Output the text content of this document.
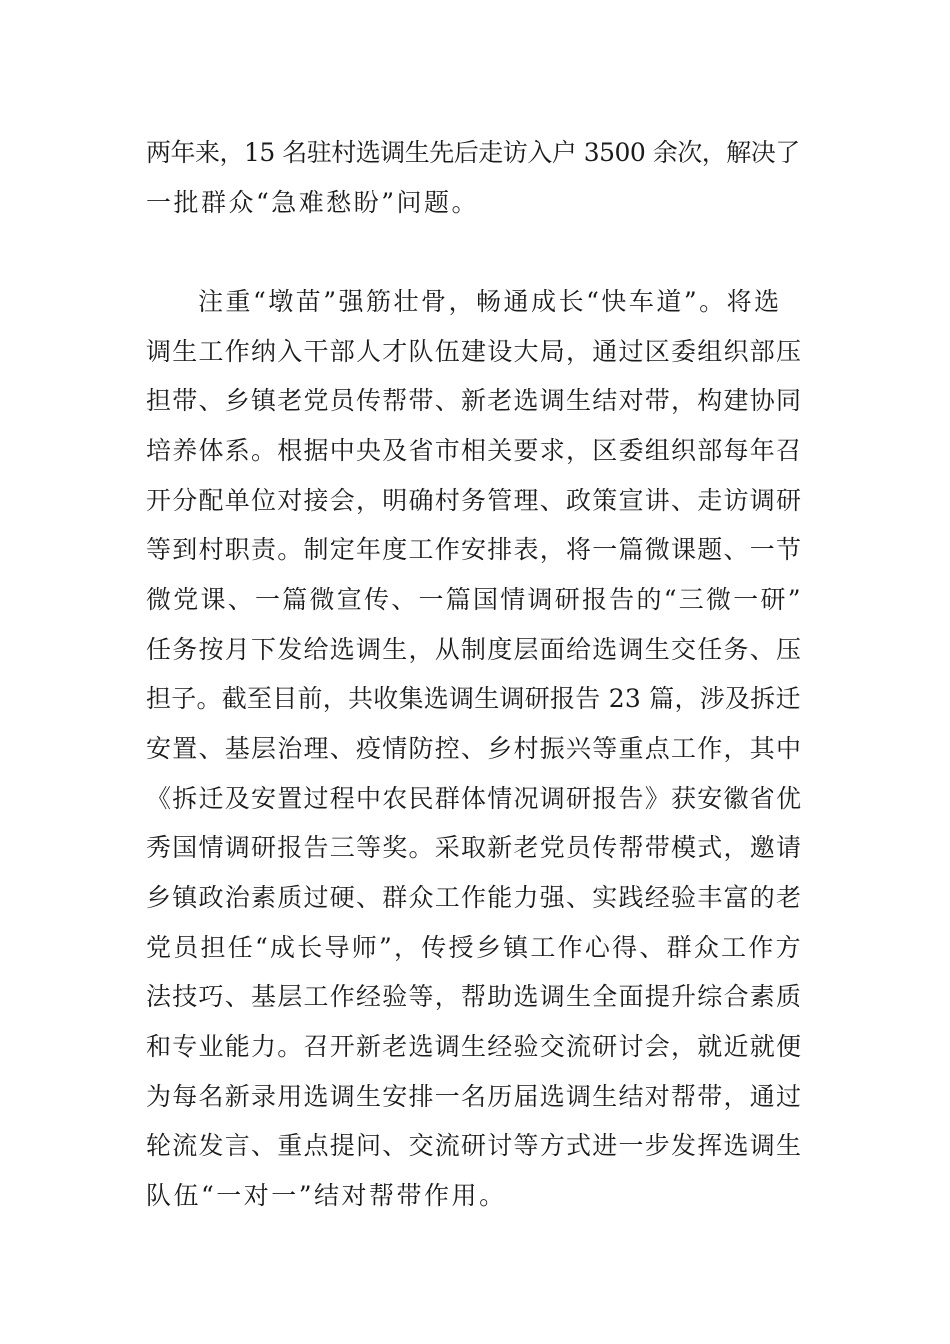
两年来，15 名驻村选调生先后走访入户 3500 余次，解决了

一批群众“急难愁盼”问题。

注重“墩苗”强筋壮骨，畅通成长“快车道”。将选

调生工作纳入干部人才队伍建设大局，通过区委组织部压

担带、乡镇老党员传帮带、新老选调生结对带，构建协同

培养体系。根据中央及省市相关要求，区委组织部每年召

开分配单位对接会，明确村务管理、政策宣讲、走访调研

等到村职责。制定年度工作安排表，将一篇微课题、一节

微党课、一篇微宣传、一篇国情调研报告的“三微一研”

任务按月下发给选调生，从制度层面给选调生交任务、压

担子。截至目前，共收集选调生调研报告 23 篇，涉及拆迁

安置、基层治理、疫情防控、乡村振兴等重点工作，其中

《拆迁及安置过程中农民群体情况调研报告》获安徽省优

秀国情调研报告三等奖。采取新老党员传帮带模式，邀请

乡镇政治素质过硬、群众工作能力强、实践经验丰富的老

党员担任“成长导师”，传授乡镇工作心得、群众工作方

法技巧、基层工作经验等，帮助选调生全面提升综合素质

和专业能力。召开新老选调生经验交流研讨会，就近就便

为每名新录用选调生安排一名历届选调生结对帮带，通过

轮流发言、重点提问、交流研讨等方式进一步发挥选调生

队伍“一对一”结对帮带作用。
